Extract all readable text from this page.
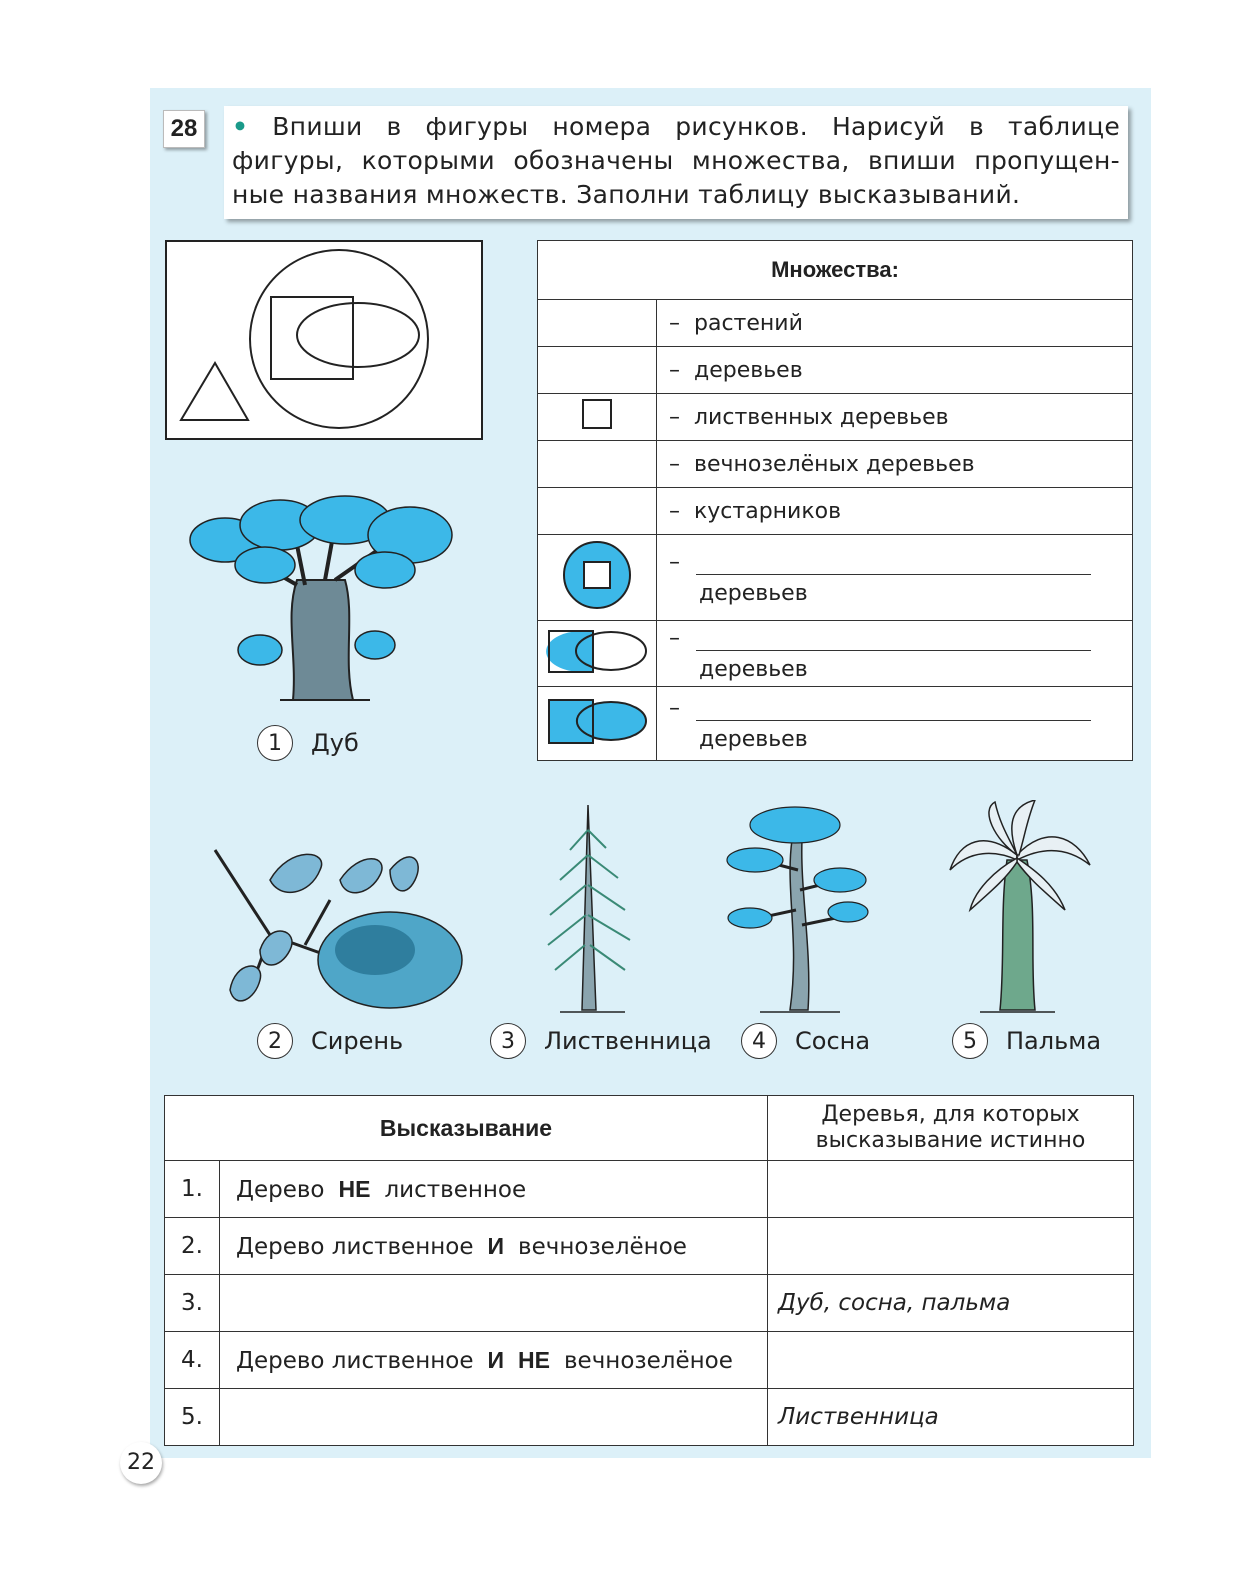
28	• Впиши в фигуры номера рисунков. Нарисуй в таблице
фигуры, которыми обозначены множества, впиши пропущен-
ные названия множеств. Заполни таблицу высказываний.
Множества:	
	– растений
	– деревьев
	– лиственных деревьев
	– вечнозелёных деревьев
	– кустарников
	–
деревьев

	–
деревьев

	–
деревьев
1	Дуб
2	Сирень	3	Лиственница	4	Сосна	5	Пальма
Высказывание		Деревья, для которых
высказывание истинно
1.	Дерево НЕ лиственное	
2.	Дерево лиственное И вечнозелёное	
3.		Дуб, сосна, пальма
4.	Дерево лиственное И НЕ вечнозелёное	
5.		Лиственница
22
